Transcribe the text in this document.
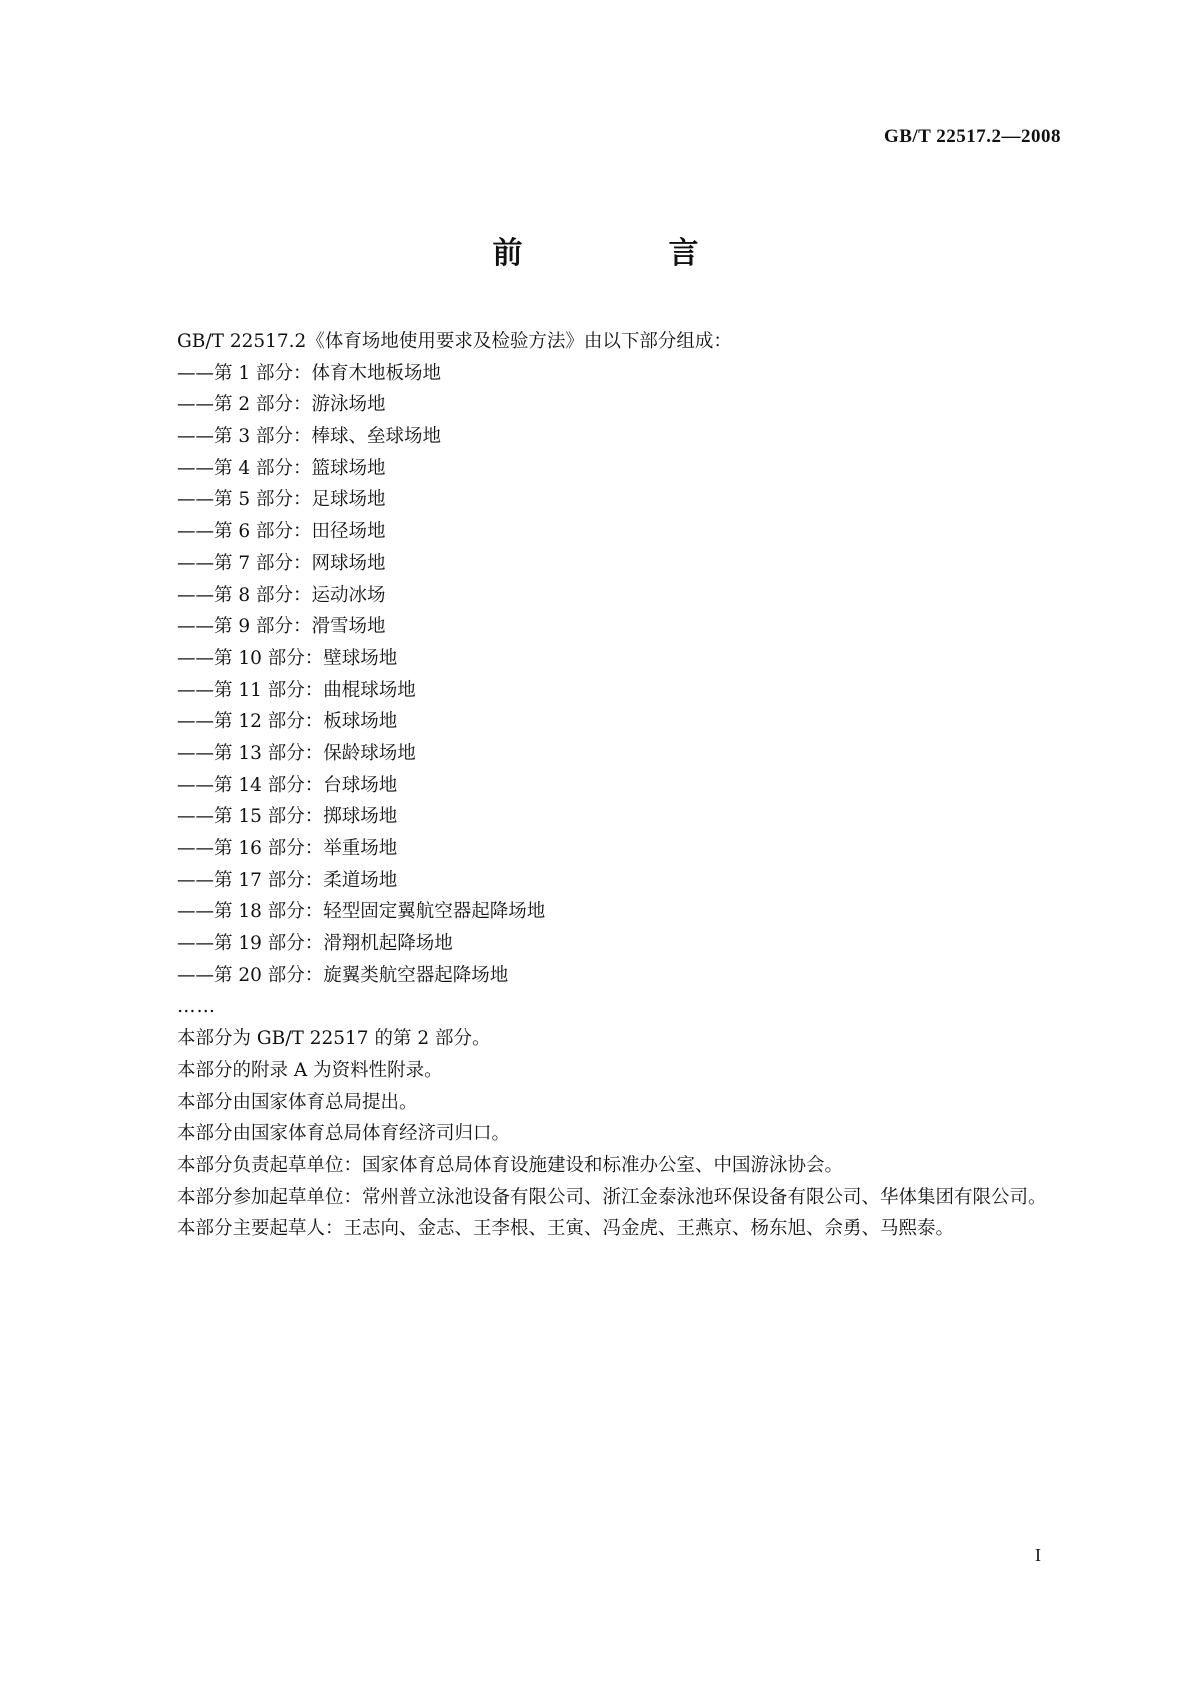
GB/T 22517.2—2008
前　言
GB/T 22517.2《体育场地使用要求及检验方法》由以下部分组成：
——第 1 部分：体育木地板场地
——第 2 部分：游泳场地
——第 3 部分：棒球、垒球场地
——第 4 部分：篮球场地
——第 5 部分：足球场地
——第 6 部分：田径场地
——第 7 部分：网球场地
——第 8 部分：运动冰场
——第 9 部分：滑雪场地
——第 10 部分：壁球场地
——第 11 部分：曲棍球场地
——第 12 部分：板球场地
——第 13 部分：保龄球场地
——第 14 部分：台球场地
——第 15 部分：掷球场地
——第 16 部分：举重场地
——第 17 部分：柔道场地
——第 18 部分：轻型固定翼航空器起降场地
——第 19 部分：滑翔机起降场地
——第 20 部分：旋翼类航空器起降场地
……
本部分为 GB/T 22517 的第 2 部分。
本部分的附录 A 为资料性附录。
本部分由国家体育总局提出。
本部分由国家体育总局体育经济司归口。
本部分负责起草单位：国家体育总局体育设施建设和标准办公室、中国游泳协会。
本部分参加起草单位：常州普立泳池设备有限公司、浙江金泰泳池环保设备有限公司、华体集团有限公司。
本部分主要起草人：王志向、金志、王李根、王寅、冯金虎、王燕京、杨东旭、佘勇、马熙泰。
I
